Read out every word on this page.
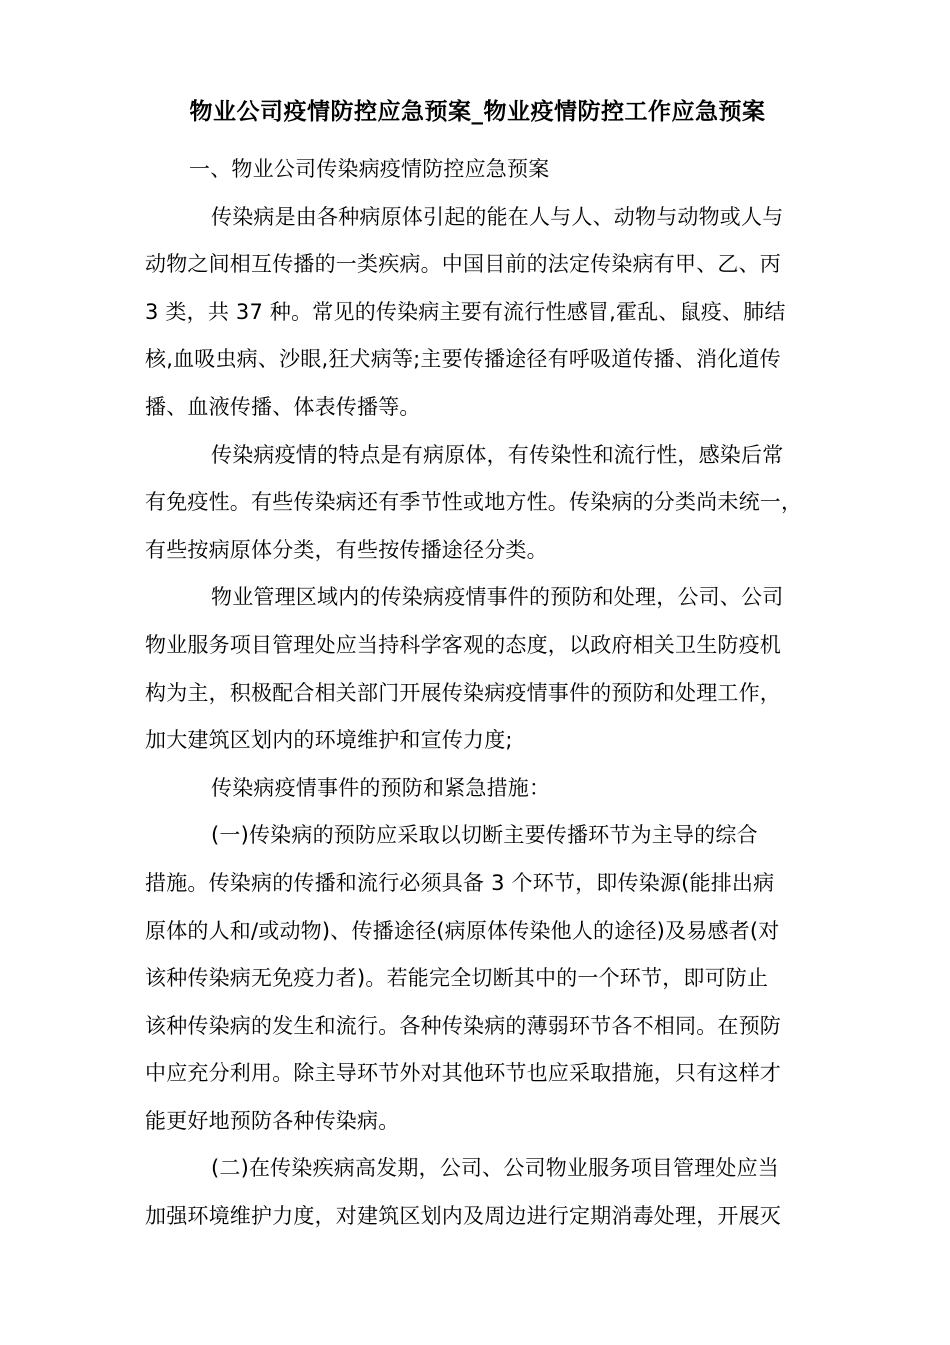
物业公司疫情防控应急预案_物业疫情防控工作应急预案
一、物业公司传染病疫情防控应急预案
传染病是由各种病原体引起的能在人与人、动物与动物或人与
动物之间相互传播的一类疾病。中国目前的法定传染病有甲、乙、丙
3 类，共 37 种。常见的传染病主要有流行性感冒,霍乱、鼠疫、肺结
核,血吸虫病、沙眼,狂犬病等;主要传播途径有呼吸道传播、消化道传
播、血液传播、体表传播等。
传染病疫情的特点是有病原体，有传染性和流行性，感染后常
有免疫性。有些传染病还有季节性或地方性。传染病的分类尚未统一，
有些按病原体分类，有些按传播途径分类。
物业管理区域内的传染病疫情事件的预防和处理，公司、公司
物业服务项目管理处应当持科学客观的态度，以政府相关卫生防疫机
构为主，积极配合相关部门开展传染病疫情事件的预防和处理工作，
加大建筑区划内的环境维护和宣传力度;
传染病疫情事件的预防和紧急措施：
(一)传染病的预防应采取以切断主要传播环节为主导的综合
措施。传染病的传播和流行必须具备 3 个环节，即传染源(能排出病
原体的人和/或动物)、传播途径(病原体传染他人的途径)及易感者(对
该种传染病无免疫力者)。若能完全切断其中的一个环节，即可防止
该种传染病的发生和流行。各种传染病的薄弱环节各不相同。在预防
中应充分利用。除主导环节外对其他环节也应采取措施，只有这样才
能更好地预防各种传染病。
(二)在传染疾病高发期，公司、公司物业服务项目管理处应当
加强环境维护力度，对建筑区划内及周边进行定期消毒处理，开展灭
